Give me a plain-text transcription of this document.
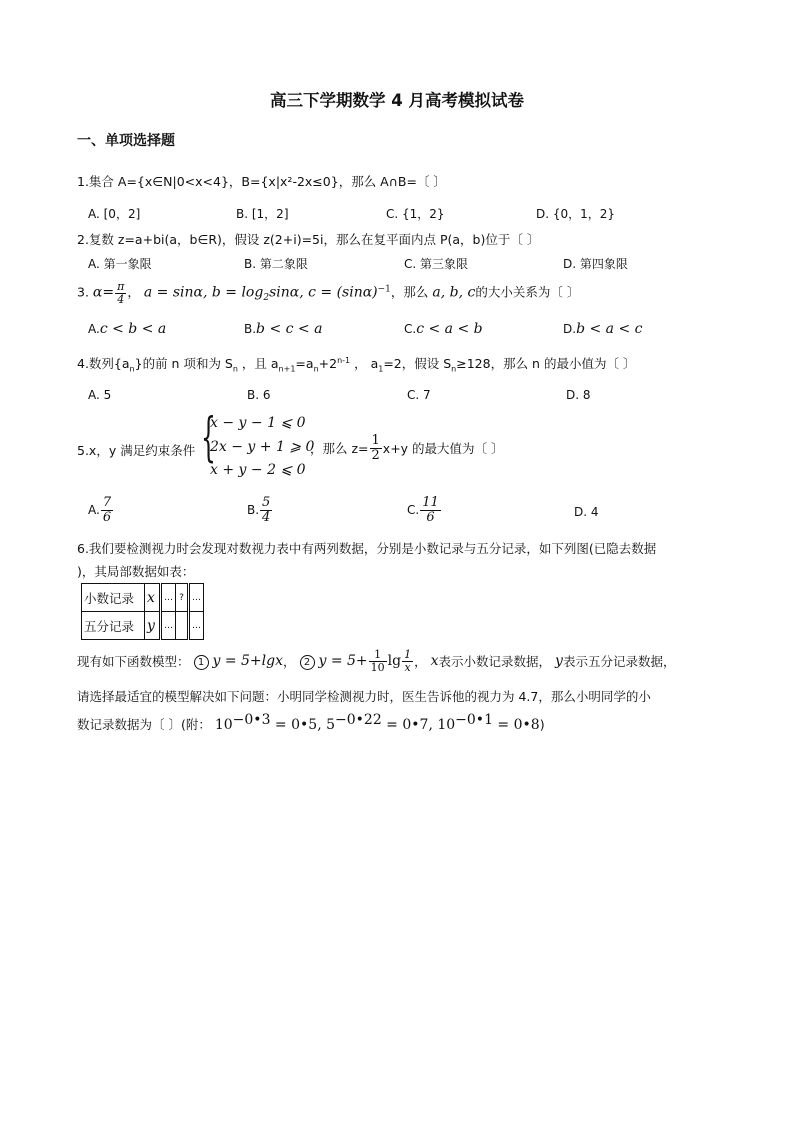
高三下学期数学 4 月高考模拟试卷
一、单项选择题
1.集合 A={x∈N|0<x<4}，B={x|x²-2x≤0}，那么 A∩B=〔 〕
A. [0，2]	B. [1，2]	C. {1，2}	D. {0，1，2}
2.复数 z=a+bi(a，b∈R)，假设 z(2+i)=5i，那么在复平面内点 P(a，b)位于〔 〕
A. 第一象限	B. 第二象限	C. 第三象限	D. 第四象限
3. $\alpha= \frac{\pi}{4}$ ， a = sinα, $b = \log_2\sin\alpha$, $c = (\sin\alpha)^{-1}$，那么 a, b, c的大小关系为〔 〕
A.c < b < a	B.b < c < a	C.c < a < b	D.b < a < c
4.数列$\{a_n\}$的前 n 项和为 $S_n$ ，且 $a_{n+1}=a_n+2^{n-1}$ ， $a_1=2$，假设 $S_n\ge 128$，那么 n 的最小值为〔 〕
A. 5	B. 6	C. 7	D. 8
5.x，y 满足约束条件 {
x − y − 1 ⩽ 0
2x − y + 1 ⩾ 0
x + y − 2 ⩽ 0
，那么 $z= \frac{1}{2} x+y$ 的最大值为〔 〕
A. $\frac{7}{6}$	B. $\frac{5}{4}$	C. $\frac{11}{6}$	D. 4
6.我们要检测视力时会发现对数视力表中有两列数据，分别是小数记录与五分记录，如下列图(已隐去数据
)，其局部数据如表：
小数记录	x	…	?	…
五分记录	y	…		…
现有如下函数模型： 1 y = 5+lgx， 2 $y = 5+ \frac{1}{10}$ $\lg \frac{1}{x}$ ， x表示小数记录数据， y表示五分记录数据，
请选择最适宜的模型解决如下问题：小明同学检测视力时，医生告诉他的视力为 4.7，那么小明同学的小
数记录数据为〔 〕(附： $10^{-0•3}$ = 0•5, $5^{-0•22}$ = 0•7, $10^{-0•1}$ = 0•8)
